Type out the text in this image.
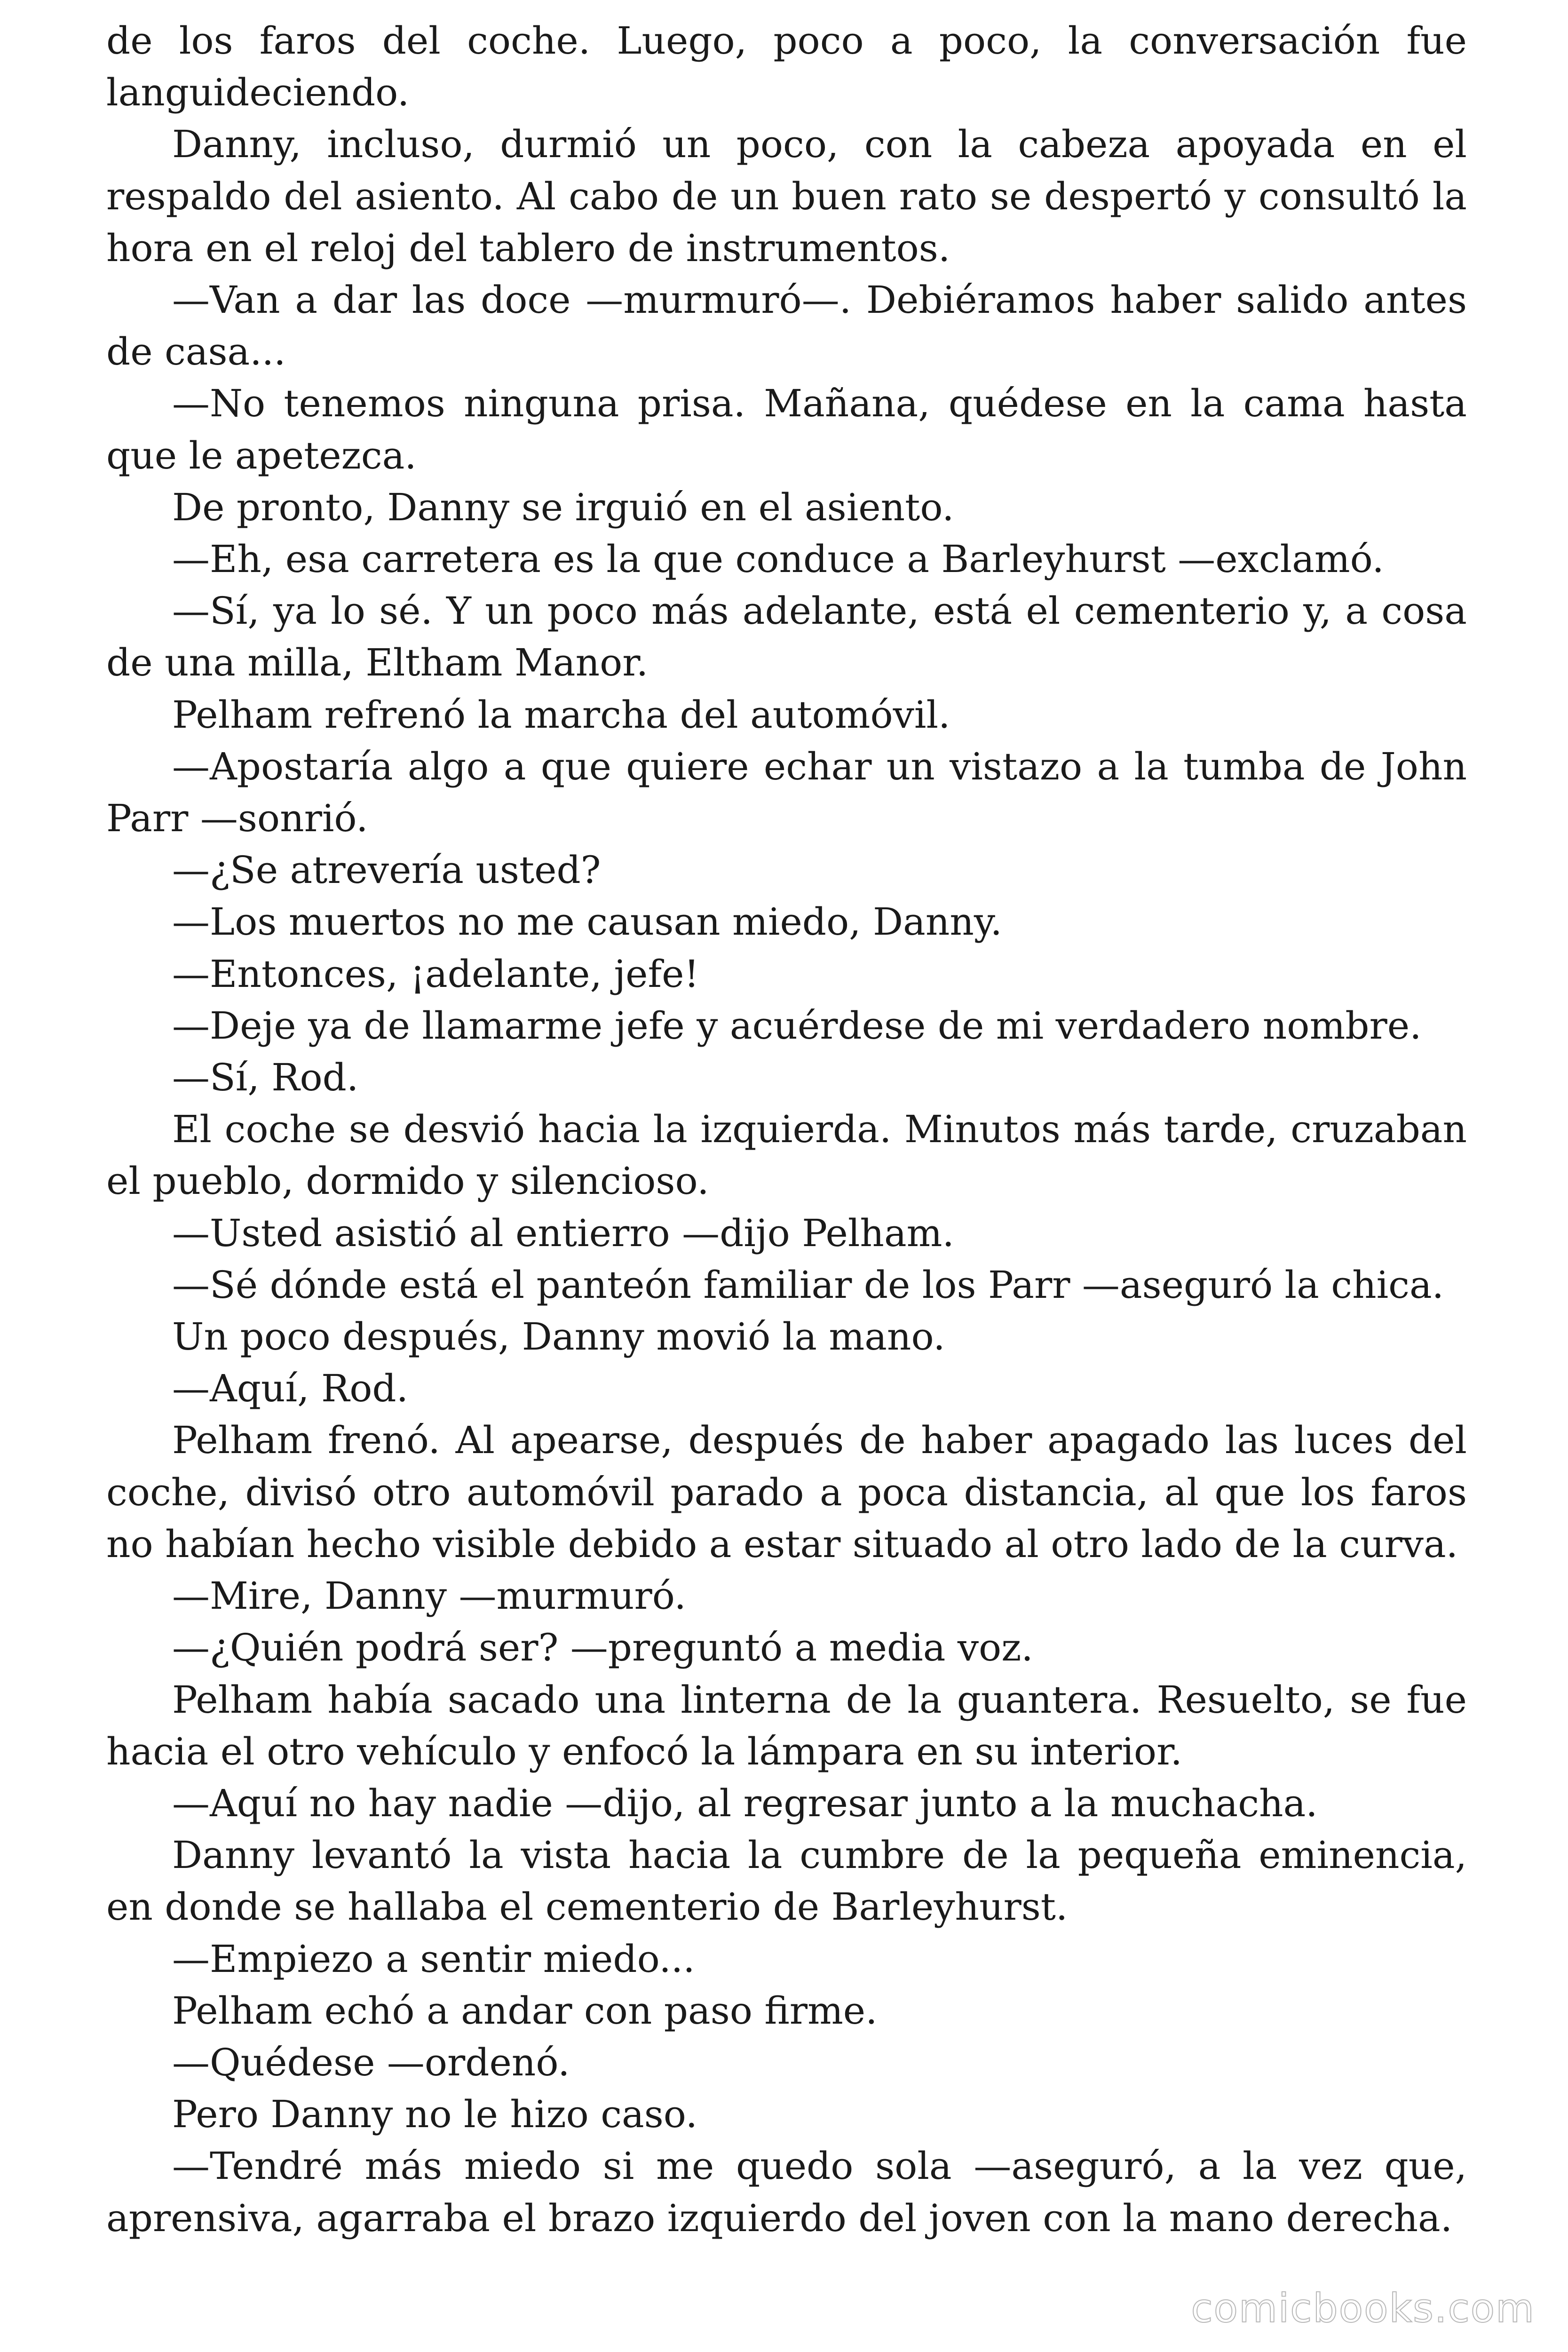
de los faros del coche. Luego, poco a poco, la conversación fue languideciendo.

Danny, incluso, durmió un poco, con la cabeza apoyada en el respaldo del asiento. Al cabo de un buen rato se despertó y consultó la hora en el reloj del tablero de instrumentos.

—Van a dar las doce —murmuró—. Debiéramos haber salido antes de casa...

—No tenemos ninguna prisa. Mañana, quédese en la cama hasta que le apetezca.

De pronto, Danny se irguió en el asiento.

—Eh, esa carretera es la que conduce a Barleyhurst —exclamó.

—Sí, ya lo sé. Y un poco más adelante, está el cementerio y, a cosa de una milla, Eltham Manor.

Pelham refrenó la marcha del automóvil.

—Apostaría algo a que quiere echar un vistazo a la tumba de John Parr —sonrió.

—¿Se atrevería usted?

—Los muertos no me causan miedo, Danny.

—Entonces, ¡adelante, jefe!

—Deje ya de llamarme jefe y acuérdese de mi verdadero nombre.

—Sí, Rod.

El coche se desvió hacia la izquierda. Minutos más tarde, cruzaban el pueblo, dormido y silencioso.

—Usted asistió al entierro —dijo Pelham.

—Sé dónde está el panteón familiar de los Parr —aseguró la chica.

Un poco después, Danny movió la mano.

—Aquí, Rod.

Pelham frenó. Al apearse, después de haber apagado las luces del coche, divisó otro automóvil parado a poca distancia, al que los faros no habían hecho visible debido a estar situado al otro lado de la curva.

—Mire, Danny —murmuró.

—¿Quién podrá ser? —preguntó a media voz.

Pelham había sacado una linterna de la guantera. Resuelto, se fue hacia el otro vehículo y enfocó la lámpara en su interior.

—Aquí no hay nadie —dijo, al regresar junto a la muchacha.

Danny levantó la vista hacia la cumbre de la pequeña eminencia, en donde se hallaba el cementerio de Barleyhurst.

—Empiezo a sentir miedo...

Pelham echó a andar con paso firme.

—Quédese —ordenó.

Pero Danny no le hizo caso.

—Tendré más miedo si me quedo sola —aseguró, a la vez que, aprensiva, agarraba el brazo izquierdo del joven con la mano derecha.

comicbooks.com
